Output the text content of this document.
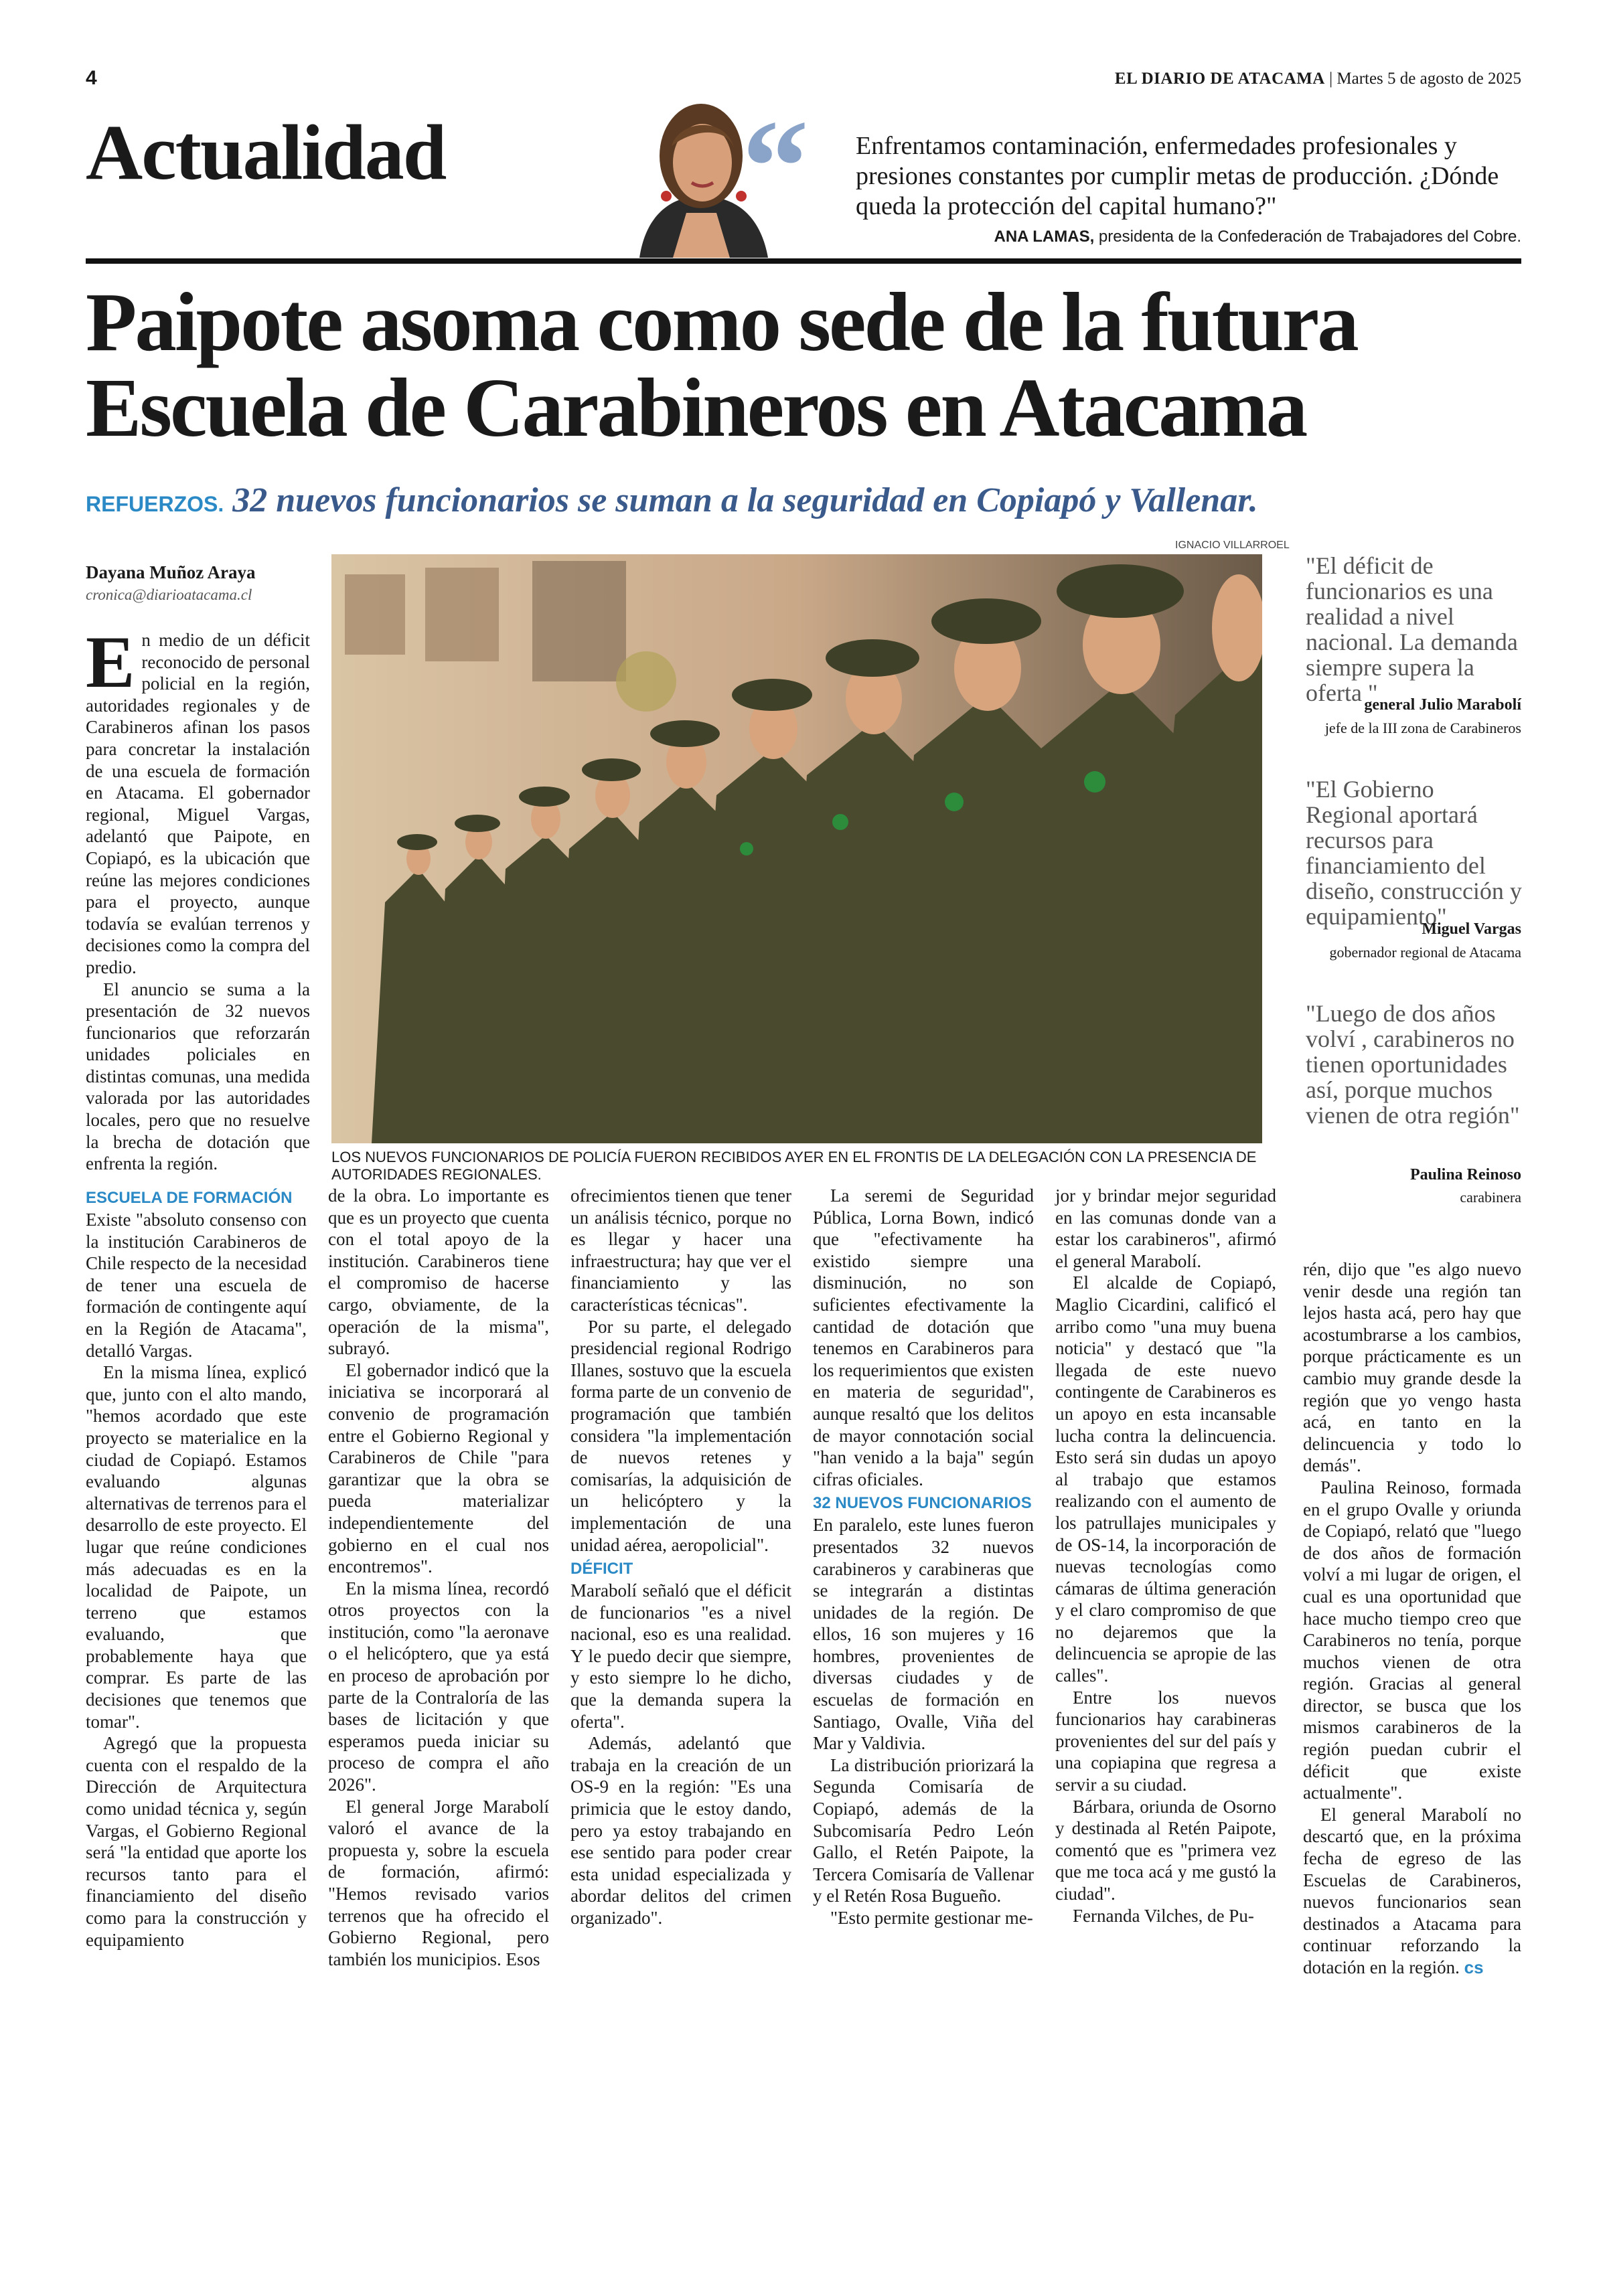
4	EL DIARIO DE ATACAMA | Martes 5 de agosto de 2025
Actualidad “ Enfrentamos contaminación, enfermedades profesionales y presiones constantes por cumplir metas de producción. ¿Dónde queda la protección del capital humano?"
ANA LAMAS, presidenta de la Confederación de Trabajadores del Cobre.
Paipote asoma como sede de la futura
Escuela de Carabineros en Atacama
REFUERZOS. 32 nuevos funcionarios se suman a la seguridad en Copiapó y Vallenar.
Dayana Muñoz Araya
cronica@diarioatacama.cl
IGNACIO VILLARROEL
LOS NUEVOS FUNCIONARIOS DE POLICÍA FUERON RECIBIDOS AYER EN EL FRONTIS DE LA DELEGACIÓN CON LA PRESENCIA DE AUTORIDADES REGIONALES.
E n medio de un déficit reconocido de personal policial en la región, autoridades regionales y de Carabineros afinan los pasos para concretar la instalación de una escuela de formación en Atacama. El gobernador regional, Miguel Vargas, adelantó que Paipote, en Copiapó, es la ubicación que reúne las mejores condiciones para el proyecto, aunque todavía se evalúan terrenos y decisiones como la compra del predio.

El anuncio se suma a la presentación de 32 nuevos funcionarios que reforzarán unidades policiales en distintas comunas, una medida valorada por las autoridades locales, pero que no resuelve la brecha de dotación que enfrenta la región.

ESCUELA DE FORMACIÓN

Existe "absoluto consenso con la institución Carabineros de Chile respecto de la necesidad de tener una escuela de formación de contingente aquí en la Región de Atacama", detalló Vargas.

En la misma línea, explicó que, junto con el alto mando, "hemos acordado que este proyecto se materialice en la ciudad de Copiapó. Estamos evaluando algunas alternativas de terrenos para el desarrollo de este proyecto. El lugar que reúne condiciones más adecuadas es en la localidad de Paipote, un terreno que estamos evaluando, que probablemente haya que comprar. Es parte de las decisiones que tenemos que tomar".

Agregó que la propuesta cuenta con el respaldo de la Dirección de Arquitectura como unidad técnica y, según Vargas, el Gobierno Regional será "la entidad que aporte los recursos tanto para el financiamiento del diseño como para la construcción y equipamiento

de la obra. Lo importante es que es un proyecto que cuenta con el total apoyo de la institución. Carabineros tiene el compromiso de hacerse cargo, obviamente, de la operación de la misma", subrayó.

El gobernador indicó que la iniciativa se incorporará al convenio de programación entre el Gobierno Regional y Carabineros de Chile "para garantizar que la obra se pueda materializar independientemente del gobierno en el cual nos encontremos".

En la misma línea, recordó otros proyectos con la institución, como "la aeronave o el helicóptero, que ya está en proceso de aprobación por parte de la Contraloría de las bases de licitación y que esperamos pueda iniciar su proceso de compra el año 2026".

El general Jorge Marabolí valoró el avance de la propuesta y, sobre la escuela de formación, afirmó: "Hemos revisado varios terrenos que ha ofrecido el Gobierno Regional, pero también los municipios. Esos

ofrecimientos tienen que tener un análisis técnico, porque no es llegar y hacer una infraestructura; hay que ver el financiamiento y las características técnicas".

Por su parte, el delegado presidencial regional Rodrigo Illanes, sostuvo que la escuela forma parte de un convenio de programación que también considera "la implementación de nuevos retenes y comisarías, la adquisición de un helicóptero y la implementación de una unidad aérea, aeropolicial".

DÉFICIT

Marabolí señaló que el déficit de funcionarios "es a nivel nacional, eso es una realidad. Y le puedo decir que siempre, y esto siempre lo he dicho, que la demanda supera la oferta".

Además, adelantó que trabaja en la creación de un OS-9 en la región: "Es una primicia que le estoy dando, pero ya estoy trabajando en ese sentido para poder crear esta unidad especializada y abordar delitos del crimen organizado".

La seremi de Seguridad Pública, Lorna Bown, indicó que "efectivamente ha existido siempre una disminución, no son suficientes efectivamente la cantidad de dotación que tenemos en Carabineros para los requerimientos que existen en materia de seguridad", aunque resaltó que los delitos de mayor connotación social "han venido a la baja" según cifras oficiales.

32 NUEVOS FUNCIONARIOS

En paralelo, este lunes fueron presentados 32 nuevos carabineros y carabineras que se integrarán a distintas unidades de la región. De ellos, 16 son mujeres y 16 hombres, provenientes de diversas ciudades y de escuelas de formación en Santiago, Ovalle, Viña del Mar y Valdivia.

La distribución priorizará la Segunda Comisaría de Copiapó, además de la Subcomisaría Pedro León Gallo, el Retén Paipote, la Tercera Comisaría de Vallenar y el Retén Rosa Bugueño.

"Esto permite gestionar me-

jor y brindar mejor seguridad en las comunas donde van a estar los carabineros", afirmó el general Marabolí.

El alcalde de Copiapó, Maglio Cicardini, calificó el arribo como "una muy buena noticia" y destacó que "la llegada de este nuevo contingente de Carabineros es un apoyo en esta incansable lucha contra la delincuencia. Esto será sin dudas un apoyo al trabajo que estamos realizando con el aumento de los patrullajes municipales y de OS-14, la incorporación de nuevas tecnologías como cámaras de última generación y el claro compromiso de que no dejaremos que la delincuencia se apropie de las calles".

Entre los nuevos funcionarios hay carabineras provenientes del sur del país y una copiapina que regresa a servir a su ciudad.

Bárbara, oriunda de Osorno y destinada al Retén Paipote, comentó que es "primera vez que me toca acá y me gustó la ciudad".

Fernanda Vilches, de Pu-

rén, dijo que "es algo nuevo venir desde una región tan lejos hasta acá, pero hay que acostumbrarse a los cambios, porque prácticamente es un cambio muy grande desde la región que yo vengo hasta acá, en tanto en la delincuencia y todo lo demás".

Paulina Reinoso, formada en el grupo Ovalle y oriunda de Copiapó, relató que "luego de dos años de formación volví a mi lugar de origen, el cual es una oportunidad que hace mucho tiempo creo que Carabineros no tenía, porque muchos vienen de otra región. Gracias al general director, se busca que los mismos carabineros de la región puedan cubrir el déficit que existe actualmente".

El general Marabolí no descartó que, en la próxima fecha de egreso de las Escuelas de Carabineros, nuevos funcionarios sean destinados a Atacama para continuar reforzando la dotación en la región. cs

"El déficit de funcionarios es una realidad a nivel nacional. La demanda siempre supera la oferta "
general Julio Marabolí
jefe de la III zona de Carabineros
"El Gobierno Regional aportará recursos para financiamiento del diseño, construcción y equipamiento"
Miguel Vargas
gobernador regional de Atacama
"Luego de dos años volví , carabineros no tienen oportunidades así, porque muchos vienen de otra región"
Paulina Reinoso
carabinera
